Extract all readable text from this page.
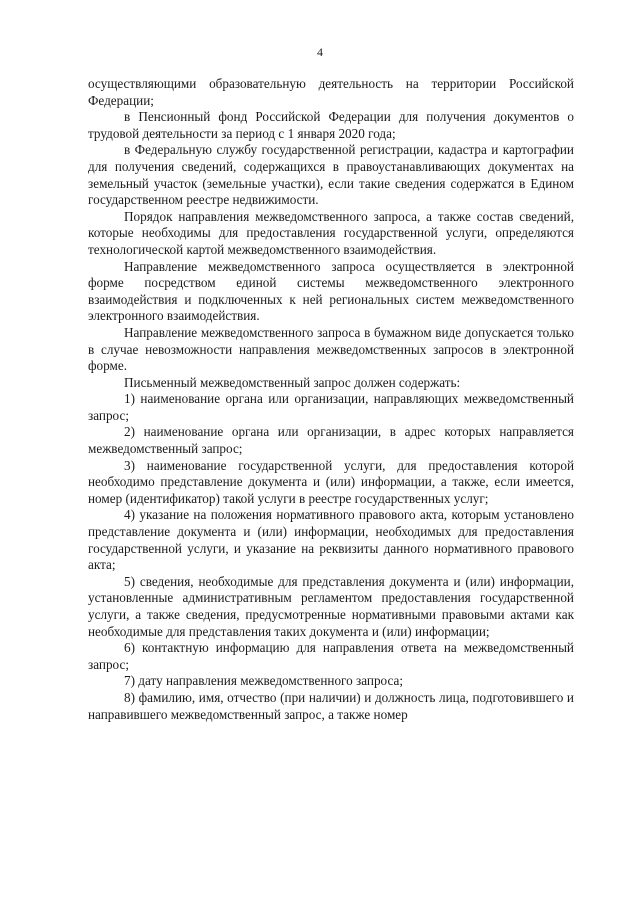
4

осуществляющими образовательную деятельность на территории Российской Федерации;

в Пенсионный фонд Российской Федерации для получения документов о трудовой деятельности за период с 1 января 2020 года;

в Федеральную службу государственной регистрации, кадастра и картографии для получения сведений, содержащихся в правоустанавливающих документах на земельный участок (земельные участки), если такие сведения содержатся в Едином государственном реестре недвижимости.

Порядок направления межведомственного запроса, а также состав сведений, которые необходимы для предоставления государственной услуги, определяются технологической картой межведомственного взаимодействия.

Направление межведомственного запроса осуществляется в электронной форме посредством единой системы межведомственного электронного взаимодействия и подключенных к ней региональных систем межведомственного электронного взаимодействия.

Направление межведомственного запроса в бумажном виде допускается только в случае невозможности направления межведомственных запросов в электронной форме.

Письменный межведомственный запрос должен содержать:

1) наименование органа или организации, направляющих межведомственный запрос;

2) наименование органа или организации, в адрес которых направляется межведомственный запрос;

3) наименование государственной услуги, для предоставления которой необходимо представление документа и (или) информации, а также, если имеется, номер (идентификатор) такой услуги в реестре государственных услуг;

4) указание на положения нормативного правового акта, которым установлено представление документа и (или) информации, необходимых для предоставления государственной услуги, и указание на реквизиты данного нормативного правового акта;

5) сведения, необходимые для представления документа и (или) информации, установленные административным регламентом предоставления государственной услуги, а также сведения, предусмотренные нормативными правовыми актами как необходимые для представления таких документа и (или) информации;

6) контактную информацию для направления ответа на межведомственный запрос;

7) дату направления межведомственного запроса;

8) фамилию, имя, отчество (при наличии) и должность лица, подготовившего и направившего межведомственный запрос, а также номер
